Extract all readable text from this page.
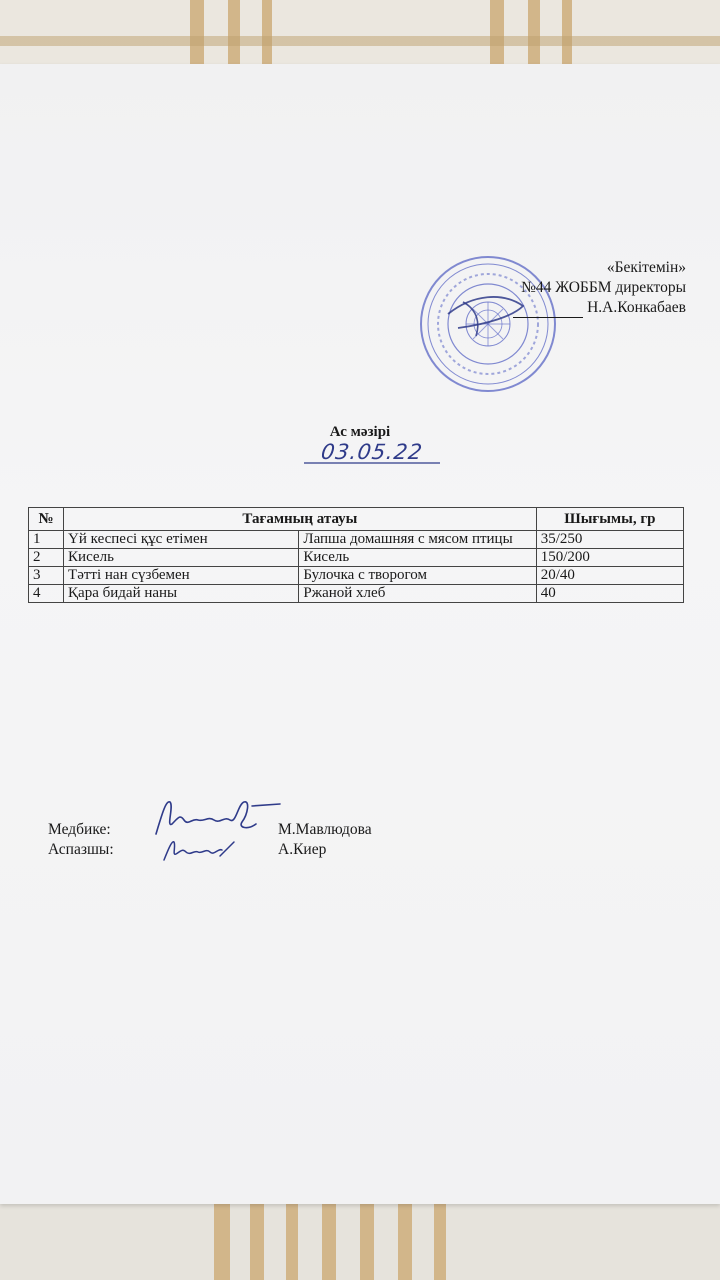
«Бекітемін»
№44 ЖОББМ директоры
Н.А.Конкабаев
Ас мәзірі
03.05.22
№	Тағамның атауы		Шығымы, гр
1	Үй кеспесі құс етімен	Лапша домашняя с мясом птицы	35/250
2	Кисель	Кисель	150/200
3	Тәтті нан сүзбемен	Булочка с творогом	20/40
4	Қара бидай наны	Ржаной хлеб	40
Медбике:	М.Мавлюдова
Аспазшы:	А.Киер
